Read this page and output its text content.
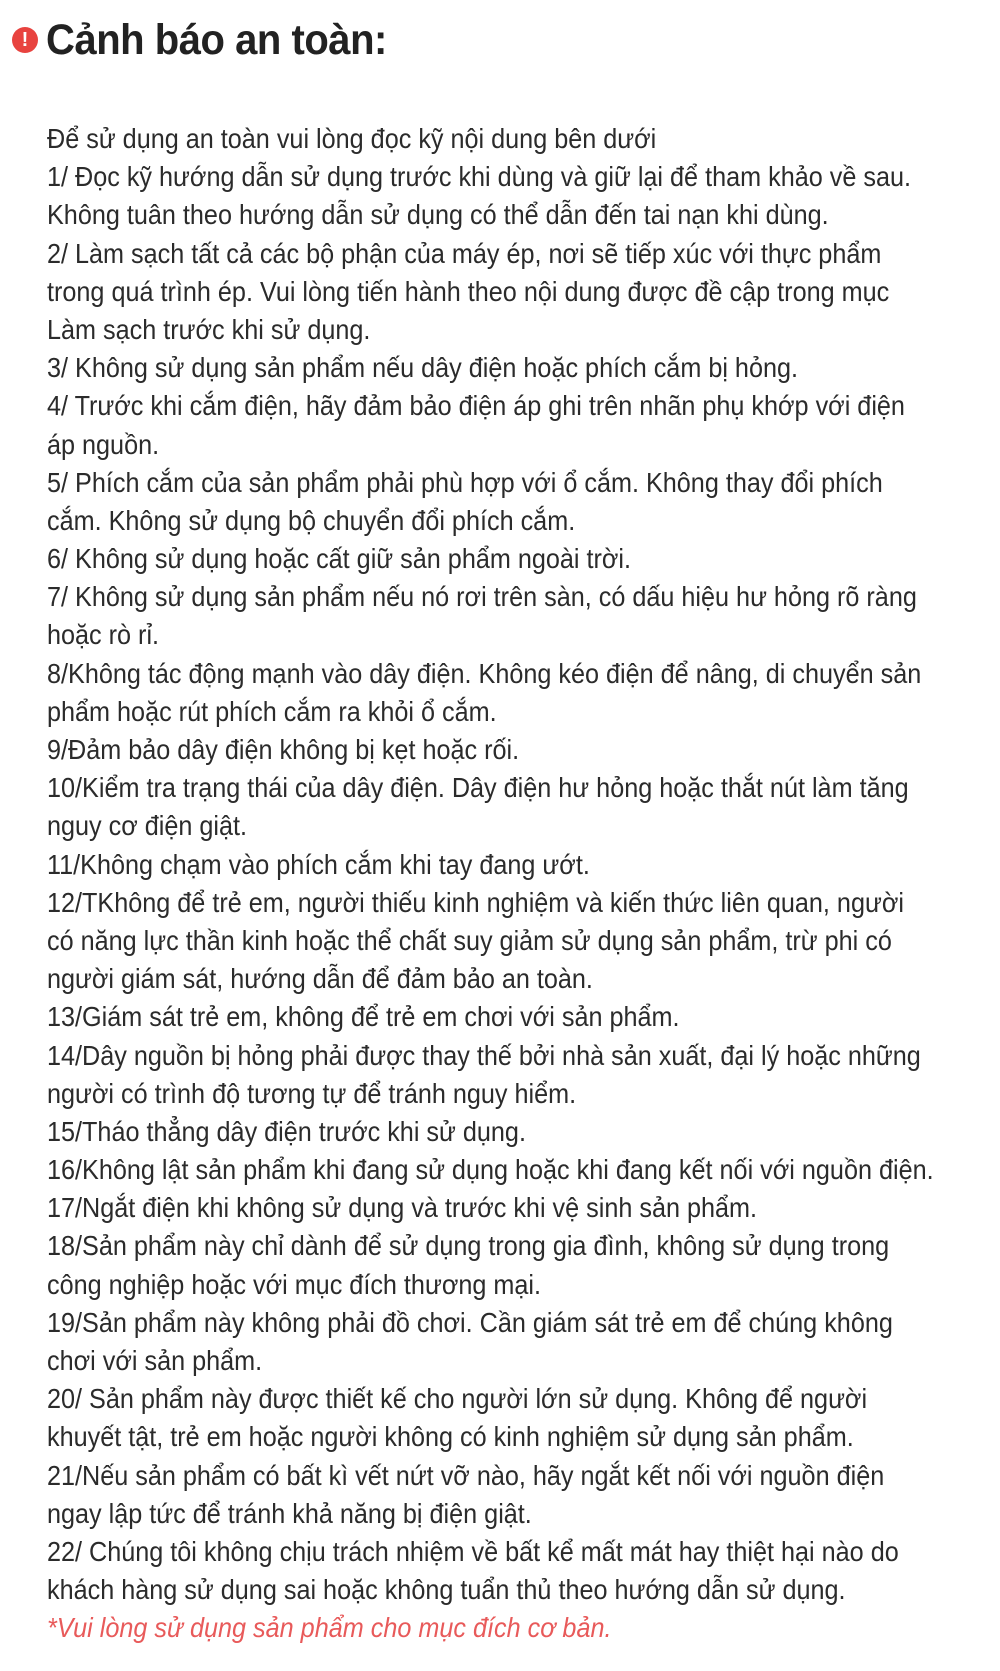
! Cảnh báo an toàn:
Để sử dụng an toàn vui lòng đọc kỹ nội dung bên dưới
1/ Đọc kỹ hướng dẫn sử dụng trước khi dùng và giữ lại để tham khảo về sau.
Không tuân theo hướng dẫn sử dụng có thể dẫn đến tai nạn khi dùng.
2/ Làm sạch tất cả các bộ phận của máy ép, nơi sẽ tiếp xúc với thực phẩm
trong quá trình ép. Vui lòng tiến hành theo nội dung được đề cập trong mục
Làm sạch trước khi sử dụng.
3/ Không sử dụng sản phẩm nếu dây điện hoặc phích cắm bị hỏng.
4/ Trước khi cắm điện, hãy đảm bảo điện áp ghi trên nhãn phụ khớp với điện
áp nguồn.
5/ Phích cắm của sản phẩm phải phù hợp với ổ cắm. Không thay đổi phích
cắm. Không sử dụng bộ chuyển đổi phích cắm.
6/ Không sử dụng hoặc cất giữ sản phẩm ngoài trời.
7/ Không sử dụng sản phẩm nếu nó rơi trên sàn, có dấu hiệu hư hỏng rõ ràng
hoặc rò rỉ.
8/Không tác động mạnh vào dây điện. Không kéo điện để nâng, di chuyển sản
phẩm hoặc rút phích cắm ra khỏi ổ cắm.
9/Đảm bảo dây điện không bị kẹt hoặc rối.
10/Kiểm tra trạng thái của dây điện. Dây điện hư hỏng hoặc thắt nút làm tăng
nguy cơ điện giật.
11/Không chạm vào phích cắm khi tay đang ướt.
12/TKhông để trẻ em, người thiếu kinh nghiệm và kiến thức liên quan, người
có năng lực thần kinh hoặc thể chất suy giảm sử dụng sản phẩm, trừ phi có
người giám sát, hướng dẫn để đảm bảo an toàn.
13/Giám sát trẻ em, không để trẻ em chơi với sản phẩm.
14/Dây nguồn bị hỏng phải được thay thế bởi nhà sản xuất, đại lý hoặc những
người có trình độ tương tự để tránh nguy hiểm.
15/Tháo thẳng dây điện trước khi sử dụng.
16/Không lật sản phẩm khi đang sử dụng hoặc khi đang kết nối với nguồn điện.
17/Ngắt điện khi không sử dụng và trước khi vệ sinh sản phẩm.
18/Sản phẩm này chỉ dành để sử dụng trong gia đình, không sử dụng trong
công nghiệp hoặc với mục đích thương mại.
19/Sản phẩm này không phải đồ chơi. Cần giám sát trẻ em để chúng không
chơi với sản phẩm.
20/ Sản phẩm này được thiết kế cho người lớn sử dụng. Không để người
khuyết tật, trẻ em hoặc người không có kinh nghiệm sử dụng sản phẩm.
21/Nếu sản phẩm có bất kì vết nứt vỡ nào, hãy ngắt kết nối với nguồn điện
ngay lập tức để tránh khả năng bị điện giật.
22/ Chúng tôi không chịu trách nhiệm về bất kể mất mát hay thiệt hại nào do
khách hàng sử dụng sai hoặc không tuẩn thủ theo hướng dẫn sử dụng.
*Vui lòng sử dụng sản phẩm cho mục đích cơ bản.
